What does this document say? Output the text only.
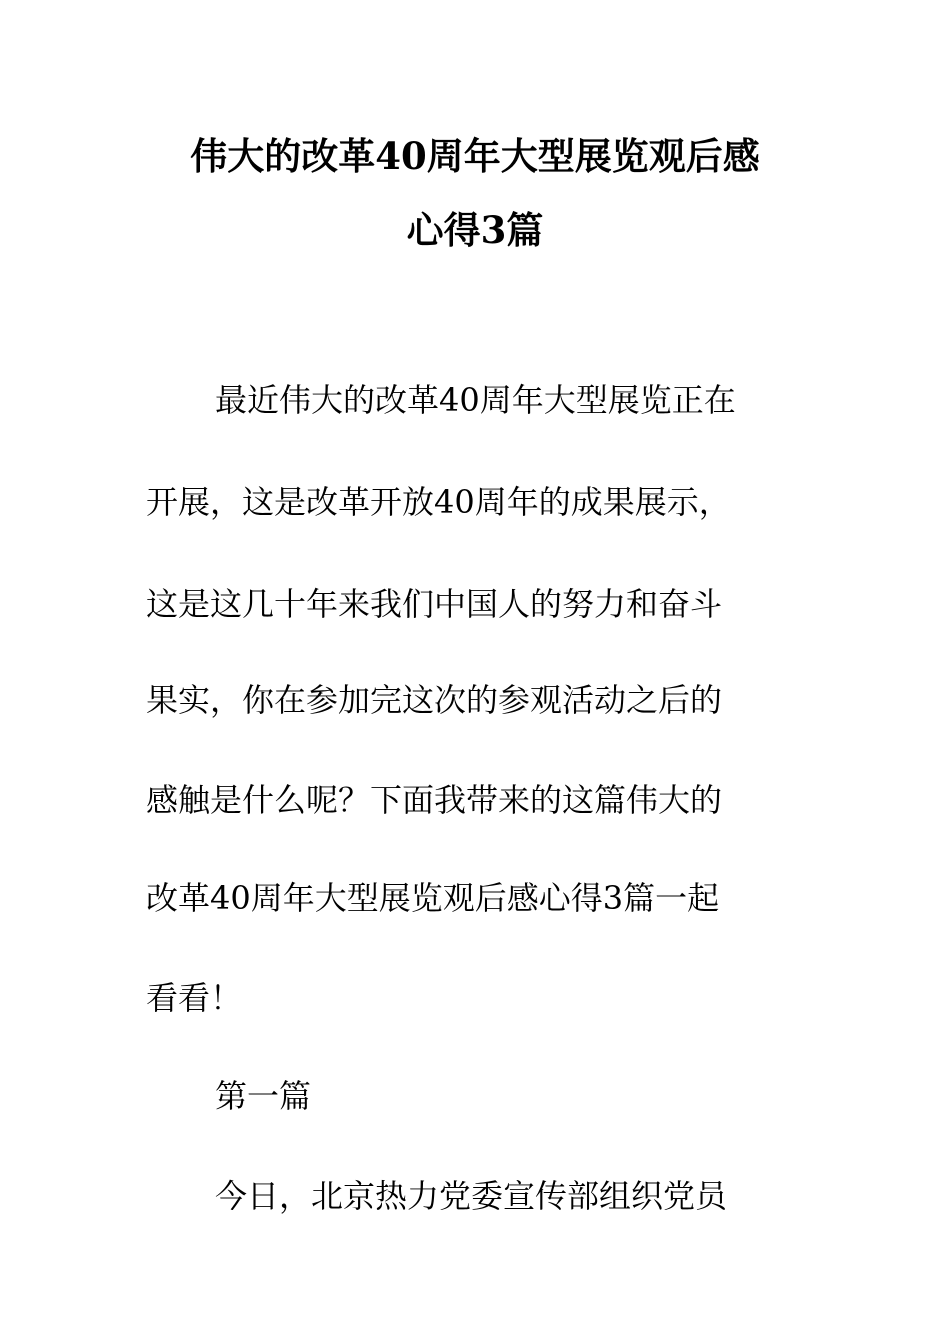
伟大的改革40周年大型展览观后感
心得3篇
最近伟大的改革40周年大型展览正在
开展，这是改革开放40周年的成果展示，
这是这几十年来我们中国人的努力和奋斗
果实，你在参加完这次的参观活动之后的
感触是什么呢？下面我带来的这篇伟大的
改革40周年大型展览观后感心得3篇一起
看看！
第一篇
今日，北京热力党委宣传部组织党员
